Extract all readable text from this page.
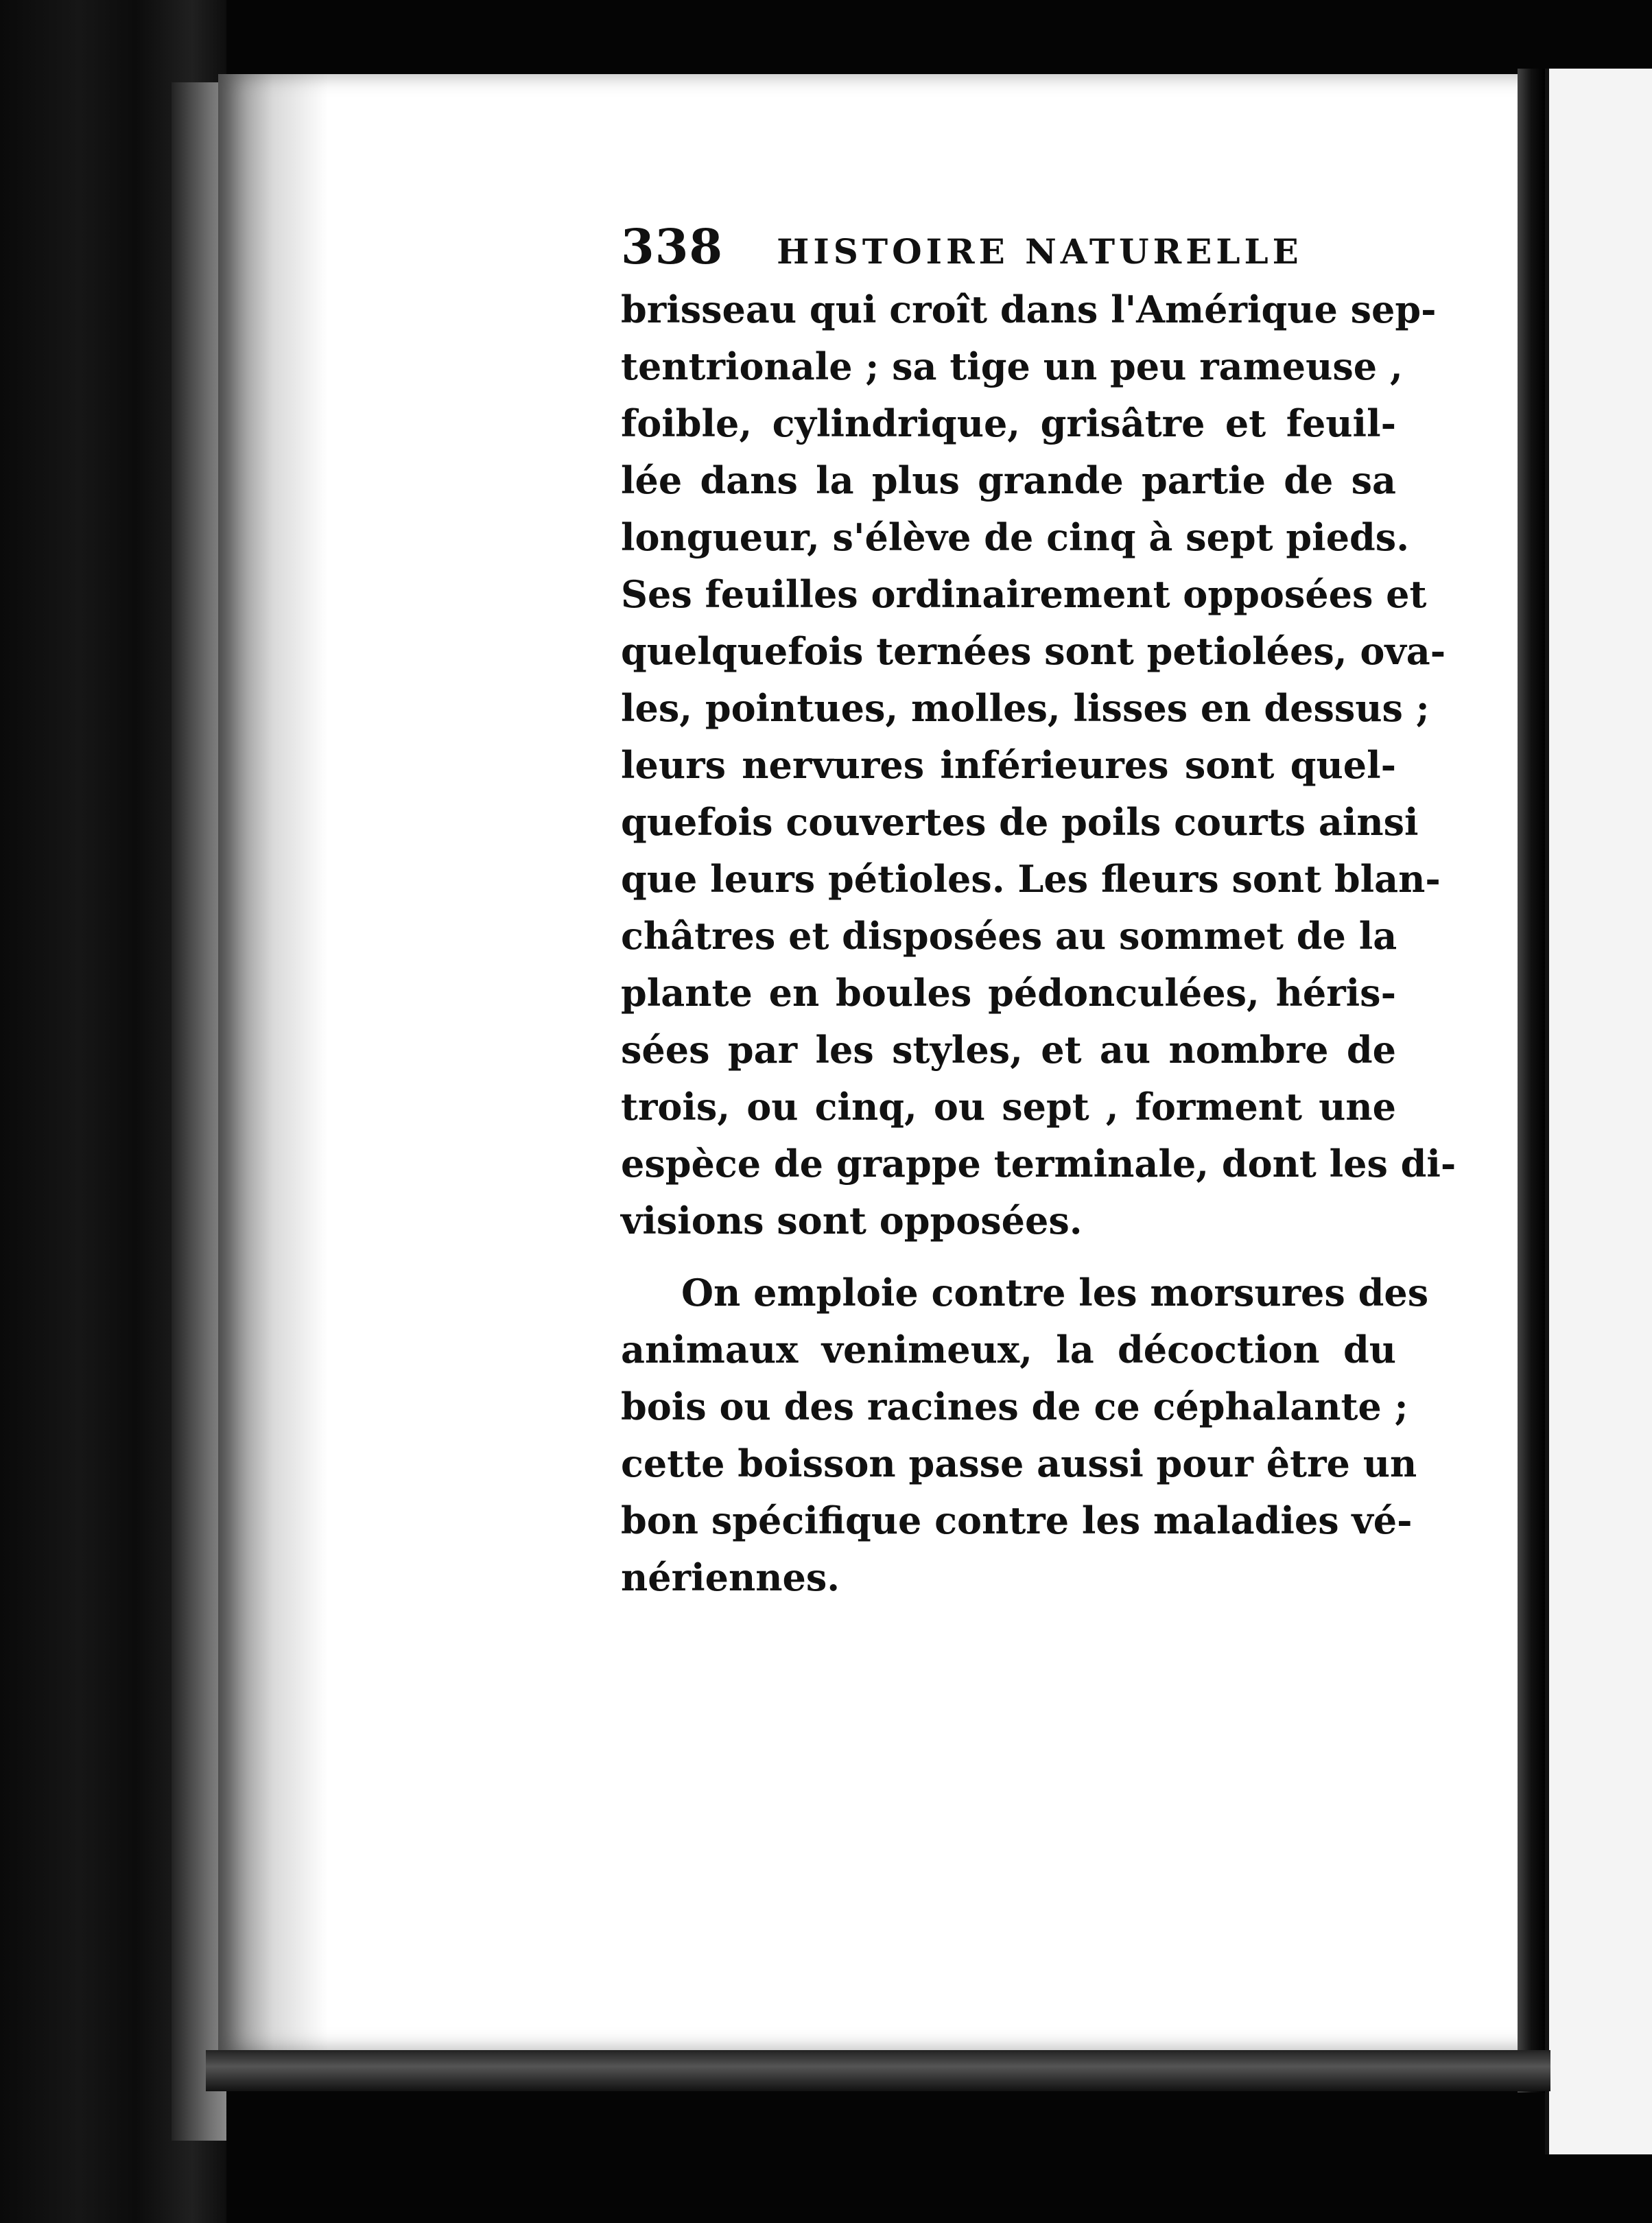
338 HISTOIRE NATURELLE
brisseau qui croît dans l'Amérique sep-
tentrionale ; sa tige un peu rameuse ,
foible, cylindrique, grisâtre et feuil-
lée dans la plus grande partie de sa
longueur, s'élève de cinq à sept pieds.
Ses feuilles ordinairement opposées et
quelquefois ternées sont petiolées, ova-
les, pointues, molles, lisses en dessus ;
leurs nervures inférieures sont quel-
quefois couvertes de poils courts ainsi
que leurs pétioles. Les fleurs sont blan-
châtres et disposées au sommet de la
plante en boules pédonculées, héris-
sées par les styles, et au nombre de
trois, ou cinq, ou sept , forment une
espèce de grappe terminale, dont les di-
visions sont opposées.
On emploie contre les morsures des
animaux venimeux, la décoction du
bois ou des racines de ce céphalante ;
cette boisson passe aussi pour être un
bon spécifique contre les maladies vé-
nériennes.
